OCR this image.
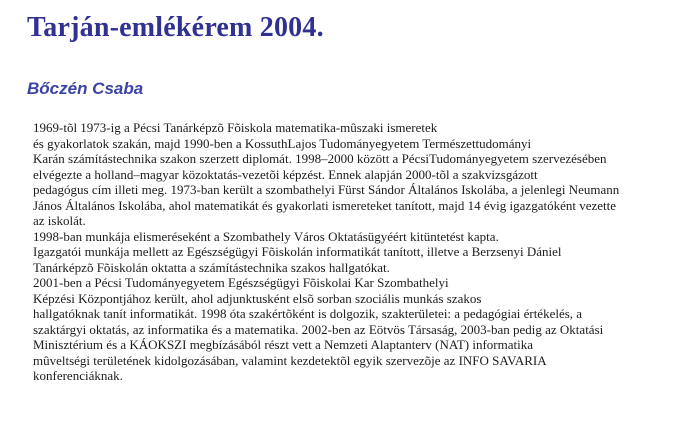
Tarján-emlékérem 2004.
Bőczén Csaba
1969-tõl 1973-ig a Pécsi Tanárképzõ Fõiskola matematika-mûszaki ismeretek
és gyakorlatok szakán, majd 1990-ben a KossuthLajos Tudományegyetem Természettudományi
Karán számítástechnika szakon szerzett diplomát. 1998–2000 között a PécsiTudományegyetem szervezésében
elvégezte a holland–magyar közoktatás-vezetõi képzést. Ennek alapján 2000-tõl a szakvizsgázott
pedagógus cím illeti meg. 1973-ban került a szombathelyi Fürst Sándor Általános Iskolába, a jelenlegi Neumann
János Általános Iskolába, ahol matematikát és gyakorlati ismereteket tanított, majd 14 évig igazgatóként vezette
az iskolát.
1998-ban munkája elismeréseként a Szombathely Város Oktatásügyéért kitüntetést kapta.
Igazgatói munkája mellett az Egészségügyi Fõiskolán informatikát tanított, illetve a Berzsenyi Dániel
Tanárképzõ Fõiskolán oktatta a számítástechnika szakos hallgatókat.
2001-ben a Pécsi Tudományegyetem Egészségügyi Fõiskolai Kar Szombathelyi
Képzési Központjához került, ahol adjunktusként elsõ sorban szociális munkás szakos
hallgatóknak tanít informatikát. 1998 óta szakértõként is dolgozik, szakterületei: a pedagógiai értékelés, a
szaktárgyi oktatás, az informatika és a matematika. 2002-ben az Eötvös Társaság, 2003-ban pedig az Oktatási
Minisztérium és a KÁOKSZI megbízásából részt vett a Nemzeti Alaptanterv (NAT) informatika
mûveltségi területének kidolgozásában, valamint kezdetektõl egyik szervezõje az INFO SAVARIA
konferenciáknak.
